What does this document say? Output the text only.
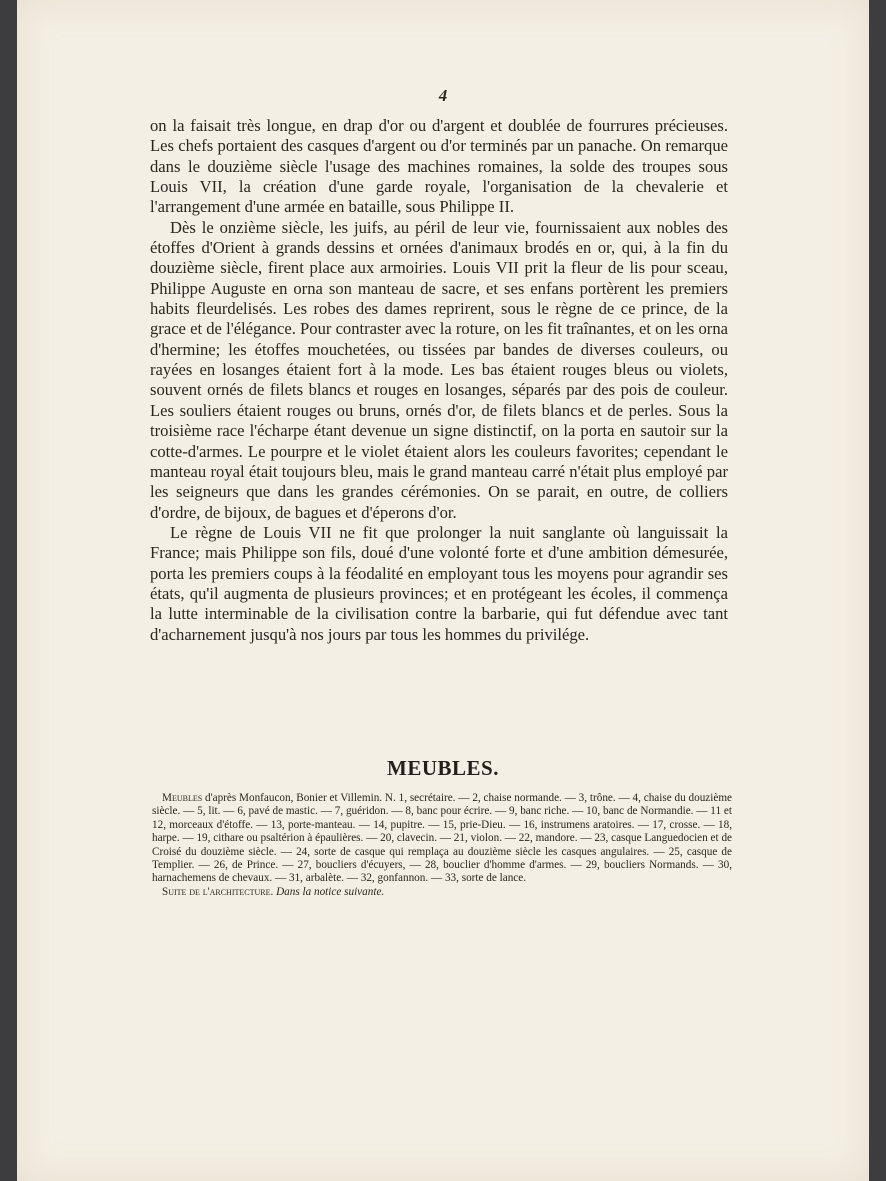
4

on la faisait très longue, en drap d'or ou d'argent et doublée de fourrures précieuses. Les chefs portaient des casques d'argent ou d'or terminés par un panache. On remarque dans le douzième siècle l'usage des machines romaines, la solde des troupes sous Louis VII, la création d'une garde royale, l'organisation de la chevalerie et l'arrangement d'une armée en bataille, sous Philippe II.

Dès le onzième siècle, les juifs, au péril de leur vie, fournissaient aux nobles des étoffes d'Orient à grands dessins et ornées d'animaux brodés en or, qui, à la fin du douzième siècle, firent place aux armoiries. Louis VII prit la fleur de lis pour sceau, Philippe Auguste en orna son manteau de sacre, et ses enfans portèrent les premiers habits fleurdelisés. Les robes des dames reprirent, sous le règne de ce prince, de la grace et de l'élégance. Pour contraster avec la roture, on les fit traînantes, et on les orna d'hermine; les étoffes mouchetées, ou tissées par bandes de diverses couleurs, ou rayées en losanges étaient fort à la mode. Les bas étaient rouges bleus ou violets, souvent ornés de filets blancs et rouges en losanges, séparés par des pois de couleur. Les souliers étaient rouges ou bruns, ornés d'or, de filets blancs et de perles. Sous la troisième race l'écharpe étant devenue un signe distinctif, on la porta en sautoir sur la cotte-d'armes. Le pourpre et le violet étaient alors les couleurs favorites; cependant le manteau royal était toujours bleu, mais le grand manteau carré n'était plus employé par les seigneurs que dans les grandes cérémonies. On se parait, en outre, de colliers d'ordre, de bijoux, de bagues et d'éperons d'or.

Le règne de Louis VII ne fit que prolonger la nuit sanglante où languissait la France; mais Philippe son fils, doué d'une volonté forte et d'une ambition démesurée, porta les premiers coups à la féodalité en employant tous les moyens pour agrandir ses états, qu'il augmenta de plusieurs provinces; et en protégeant les écoles, il commença la lutte interminable de la civilisation contre la barbarie, qui fut défendue avec tant d'acharnement jusqu'à nos jours par tous les hommes du privilége.

MEUBLES.

Meubles d'après Monfaucon, Bonier et Villemin. N. 1, secrétaire. — 2, chaise normande. — 3, trône. — 4, chaise du douzième siècle. — 5, lit. — 6, pavé de mastic. — 7, guéridon. — 8, banc pour écrire. — 9, banc riche. — 10, banc de Normandie. — 11 et 12, morceaux d'étoffe. — 13, porte-manteau. — 14, pupitre. — 15, prie-Dieu. — 16, instrumens aratoires. — 17, crosse. — 18, harpe. — 19, cithare ou psaltérion à épaulières. — 20, clavecin. — 21, violon. — 22, mandore. — 23, casque Languedocien et de Croisé du douzième siècle. — 24, sorte de casque qui remplaça au douzième siècle les casques angulaires. — 25, casque de Templier. — 26, de Prince. — 27, boucliers d'écuyers, — 28, bouclier d'homme d'armes. — 29, boucliers Normands. — 30, harnachemens de chevaux. — 31, arbalète. — 32, gonfannon. — 33, sorte de lance.

Suite de l'architecture. Dans la notice suivante.
